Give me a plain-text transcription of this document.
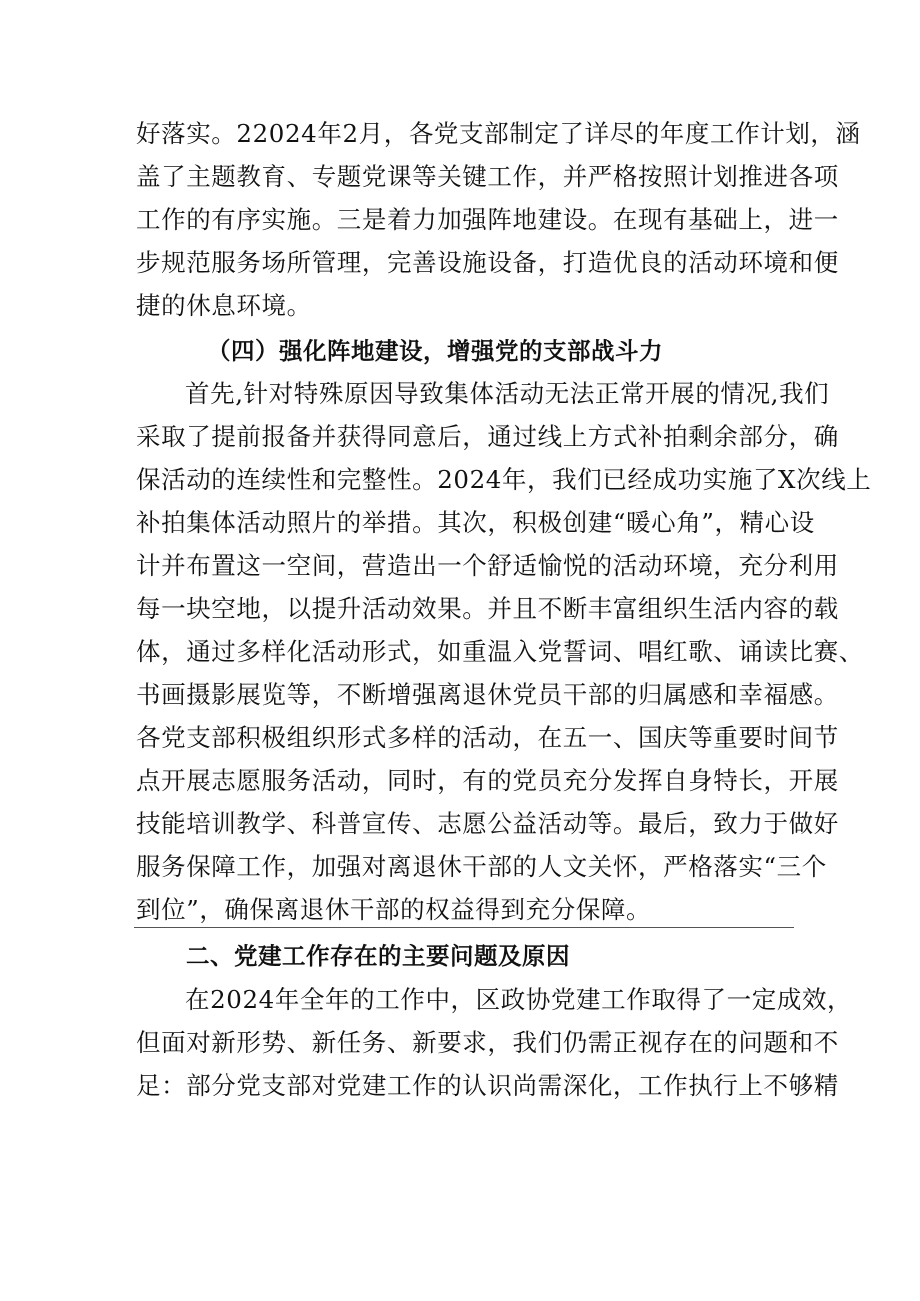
好落实。22024年2月，各党支部制定了详尽的年度工作计划，涵
盖了主题教育、专题党课等关键工作，并严格按照计划推进各项
工作的有序实施。三是着力加强阵地建设。在现有基础上，进一
步规范服务场所管理，完善设施设备，打造优良的活动环境和便
捷的休息环境。
（四）强化阵地建设，增强党的支部战斗力
首先,针对特殊原因导致集体活动无法正常开展的情况,我们
采取了提前报备并获得同意后，通过线上方式补拍剩余部分，确
保活动的连续性和完整性。2024年，我们已经成功实施了X次线上
补拍集体活动照片的举措。其次，积极创建“暖心角”，精心设
计并布置这一空间，营造出一个舒适愉悦的活动环境，充分利用
每一块空地，以提升活动效果。并且不断丰富组织生活内容的载
体，通过多样化活动形式，如重温入党誓词、唱红歌、诵读比赛、
书画摄影展览等，不断增强离退休党员干部的归属感和幸福感。
各党支部积极组织形式多样的活动，在五一、国庆等重要时间节
点开展志愿服务活动，同时，有的党员充分发挥自身特长，开展
技能培训教学、科普宣传、志愿公益活动等。最后，致力于做好
服务保障工作，加强对离退休干部的人文关怀，严格落实“三个
到位”，确保离退休干部的权益得到充分保障。
二、党建工作存在的主要问题及原因
在2024年全年的工作中，区政协党建工作取得了一定成效，
但面对新形势、新任务、新要求，我们仍需正视存在的问题和不
足：部分党支部对党建工作的认识尚需深化，工作执行上不够精
